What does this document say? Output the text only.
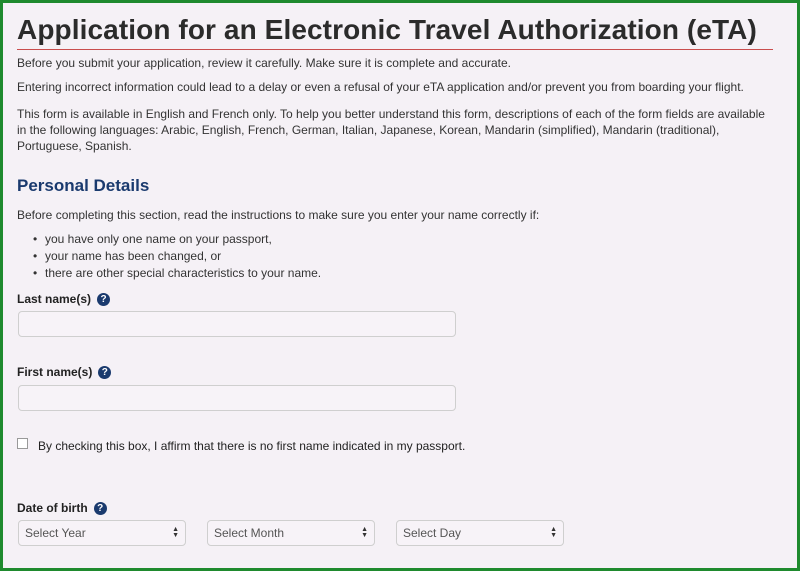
Application for an Electronic Travel Authorization (eTA)

Before you submit your application, review it carefully. Make sure it is complete and accurate.

Entering incorrect information could lead to a delay or even a refusal of your eTA application and/or prevent you from boarding your flight.

This form is available in English and French only. To help you better understand this form, descriptions of each of the form fields are available in the following languages: Arabic, English, French, German, Italian, Japanese, Korean, Mandarin (simplified), Mandarin (traditional), Portuguese, Spanish.

Personal Details

Before completing this section, read the instructions to make sure you enter your name correctly if:

• you have only one name on your passport,
• your name has been changed, or
• there are other special characteristics to your name.
Last name(s) ?
First name(s) ?
By checking this box, I affirm that there is no first name indicated in my passport.
Date of birth ?
Select Year	▲
▼	Select Month	▲
▼	Select Day	▲
▼
